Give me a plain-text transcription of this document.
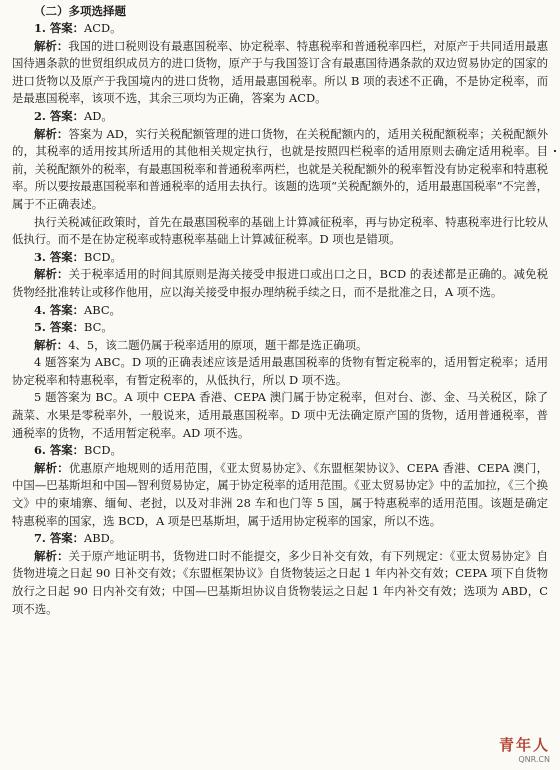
（二）多项选择题
1. 答案：ACD。
解析：我国的进口税则设有最惠国税率、协定税率、特惠税率和普通税率四栏，对原产于共同适用最惠国待遇条款的世贸组织成员方的进口货物，原产于与我国签订含有最惠国待遇条款的双边贸易协定的国家的进口货物以及原产于我国境内的进口货物，适用最惠国税率。所以 B 项的表述不正确，不是协定税率，而是最惠国税率，该项不选，其余三项均为正确，答案为 ACD。
2. 答案：AD。
解析：答案为 AD，实行关税配额管理的进口货物，在关税配额内的，适用关税配额税率；关税配额外的，其税率的适用按其所适用的其他相关规定执行，也就是按照四栏税率的适用原则去确定适用税率。目前，关税配额外的税率，有最惠国税率和普通税率两栏，也就是关税配额外的税率暂没有协定税率和特惠税率。所以要按最惠国税率和普通税率的适用去执行。该题的选项“关税配额外的，适用最惠国税率”不完善，属于不正确表述。
执行关税减征政策时，首先在最惠国税率的基础上计算减征税率，再与协定税率、特惠税率进行比较从低执行。而不是在协定税率或特惠税率基础上计算减征税率。D 项也是错项。
3. 答案：BCD。
解析：关于税率适用的时间其原则是海关接受申报进口或出口之日，BCD 的表述都是正确的。减免税货物经批准转让或移作他用，应以海关接受申报办理纳税手续之日，而不是批准之日，A 项不选。
4. 答案：ABC。
5. 答案：BC。
解析：4、5，该二题仍属于税率适用的原项，题干都是选正确项。
4 题答案为 ABC。D 项的正确表述应该是适用最惠国税率的货物有暂定税率的，适用暂定税率；适用协定税率和特惠税率，有暂定税率的，从低执行，所以 D 项不选。
5 题答案为 BC。A 项中 CEPA 香港、CEPA 澳门属于协定税率，但对台、澎、金、马关税区，除了蔬菜、水果是零税率外，一般说来，适用最惠国税率。D 项中无法确定原产国的货物，适用普通税率，普通税率的货物，不适用暂定税率。AD 项不选。
6. 答案：BCD。
解析：优惠原产地规则的适用范围，《亚太贸易协定》、《东盟框架协议》、CEPA 香港、CEPA 澳门，中国—巴基斯坦和中国—智利贸易协定，属于协定税率的适用范围。《亚太贸易协定》中的孟加拉，《三个换文》中的柬埔寨、缅甸、老挝，以及对非洲 28 车和也门等 5 国，属于特惠税率的适用范围。该题是确定特惠税率的国家，选 BCD，A 项是巴基斯坦，属于适用协定税率的国家，所以不选。
7. 答案：ABD。
解析：关于原产地证明书，货物进口时不能提交，多少日补交有效，有下列规定：《亚太贸易协定》自货物进境之日起 90 日补交有效；《东盟框架协议》自货物装运之日起 1 年内补交有效；CEPA 项下自货物放行之日起 90 日内补交有效；中国—巴基斯坦协议自货物装运之日起 1 年内补交有效；选项为 ABD，C 项不选。
青年人
QNR.CN
